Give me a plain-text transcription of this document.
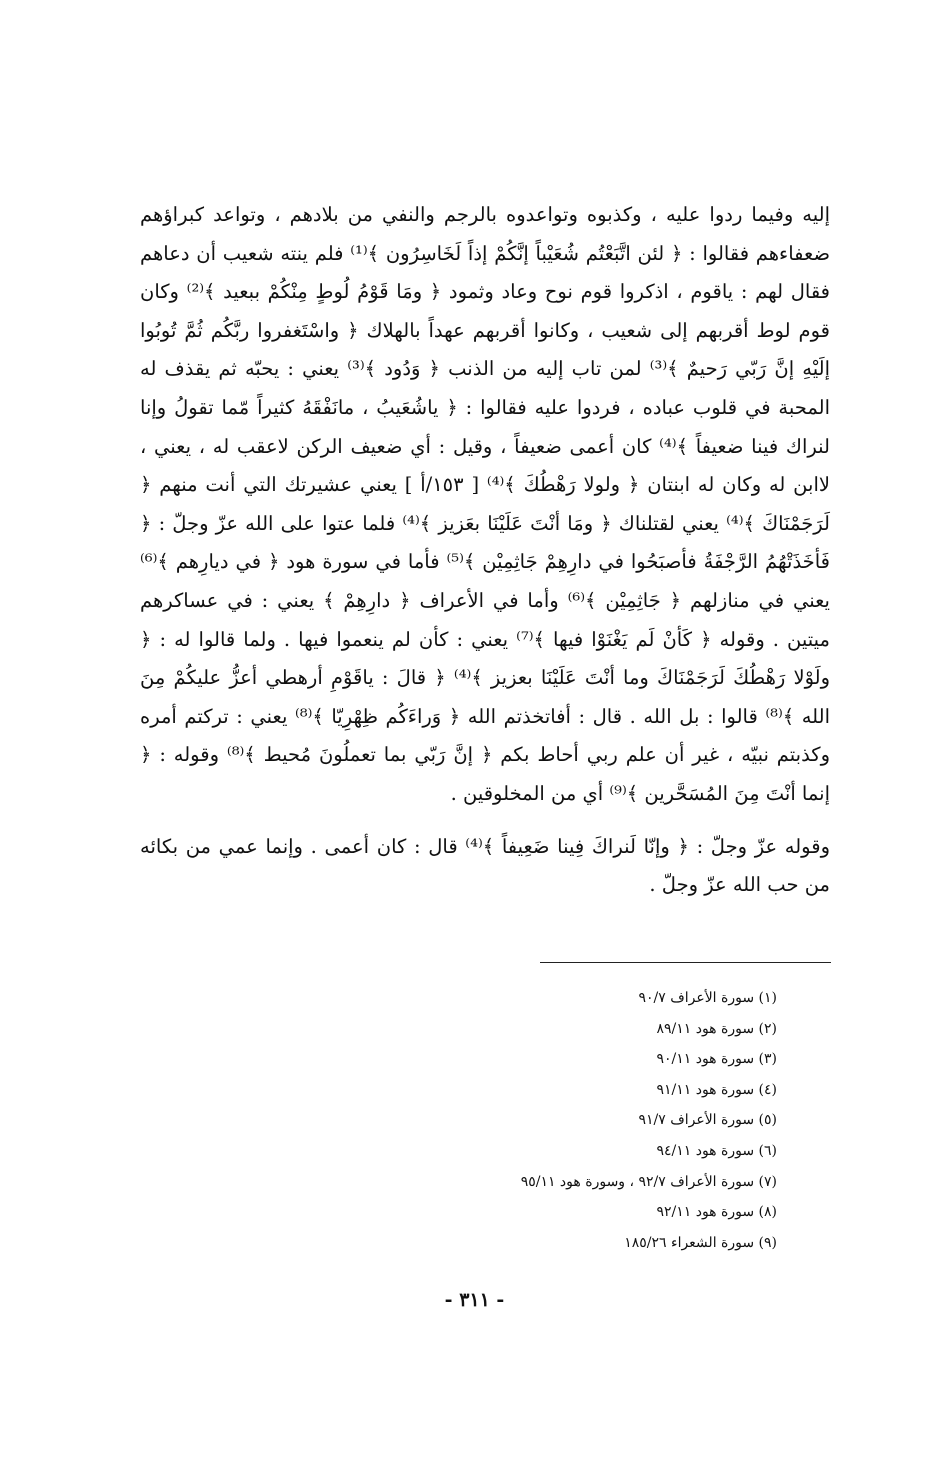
إليه وفيما ردوا عليه ، وكذبوه وتواعدوه بالرجم والنفي من بلادهم ، وتواعد كبراؤهم ضعفاءهم فقالوا : ﴿ لئن اتَّبَعْتُم شُعَيْباً إنَّكُمْ إذاً لَخَاسِرُون ﴾⁽¹⁾ فلم ينته شعيب أن دعاهم فقال لهم : ياقوم ، اذكروا قوم نوح وعاد وثمود ﴿ ومَا قَوْمُ لُوطٍ مِنْكُمْ ببعيد ﴾⁽²⁾ وكان قوم لوط أقربهم إلى شعيب ، وكانوا أقربهم عهداً بالهلاك ﴿ واسْتَغفروا ربَّكُم ثُمَّ تُوبُوا إلَيْهِ إنَّ رَبّي رَحيمٌ ﴾⁽³⁾ لمن تاب إليه من الذنب ﴿ وَدُود ﴾⁽³⁾ يعني : يحبّه ثم يقذف له المحبة في قلوب عباده ، فردوا عليه فقالوا : ﴿ ياشُعَيبُ ، مانَفْقَهُ كثيراً مّما تقولُ وإنا لنراك فينا ضعيفاً ﴾⁽⁴⁾ كان أعمى ضعيفاً ، وقيل : أي ضعيف الركن لاعقب له ، يعني ، لاابن له وكان له ابنتان ﴿ ولولا رَهْطُكَ ﴾⁽⁴⁾ [ ١٥٣/أ ] يعني عشيرتك التي أنت منهم ﴿ لَرَجَمْنَاكَ ﴾⁽⁴⁾ يعني لقتلناك ﴿ ومَا أنْتَ عَلَيْنَا بعَزيز ﴾⁽⁴⁾ فلما عتوا على الله عزّ وجلّ : ﴿ فَأخَذَتْهُمُ الرَّجْفَةُ فأصبَحُوا في دارِهِمْ جَاثِمِيْن ﴾⁽⁵⁾ فأما في سورة هود ﴿ في ديارِهم ﴾⁽⁶⁾ يعني في منازلهم ﴿ جَاثِمِيْن ﴾⁽⁶⁾ وأما في الأعراف ﴿ دارِهِمْ ﴾ يعني : في عساكرهم ميتين . وقوله ﴿ كَأنْ لَم يَغْنَوْا فيها ﴾⁽⁷⁾ يعني : كأن لم ينعموا فيها . ولما قالوا له : ﴿ ولَوْلا رَهْطُكَ لَرَجَمْنَاكَ وما أنْتَ عَلَيْنَا بعزيز ﴾⁽⁴⁾ ﴿ قالَ : ياقَوْمِ أرهطي أعزُّ عليكُمْ مِنَ الله ﴾⁽⁸⁾ قالوا : بل الله . قال : أفاتخذتم الله ﴿ وَراءَكُم ظِهْرِيّا ﴾⁽⁸⁾ يعني : تركتم أمره وكذبتم نبيّه ، غير أن علم ربي أحاط بكم ﴿ إنَّ رَبّي بما تعملُونَ مُحيط ﴾⁽⁸⁾ وقوله : ﴿ إنما أنْتَ مِنَ المُسَحَّرين ﴾⁽⁹⁾ أي من المخلوقين .

وقوله عزّ وجلّ : ﴿ وإنّا لَنراكَ فِينا ضَعِيفاً ﴾⁽⁴⁾ قال : كان أعمى . وإنما عمي من بكائه من حب الله عزّ وجلّ .

(١) سورة الأعراف ٩٠/٧
(٢) سورة هود ٨٩/١١
(٣) سورة هود ٩٠/١١
(٤) سورة هود ٩١/١١
(٥) سورة الأعراف ٩١/٧
(٦) سورة هود ٩٤/١١
(٧) سورة الأعراف ٩٢/٧ ، وسورة هود ٩٥/١١
(٨) سورة هود ٩٢/١١
(٩) سورة الشعراء ١٨٥/٢٦
- ٣١١ -
